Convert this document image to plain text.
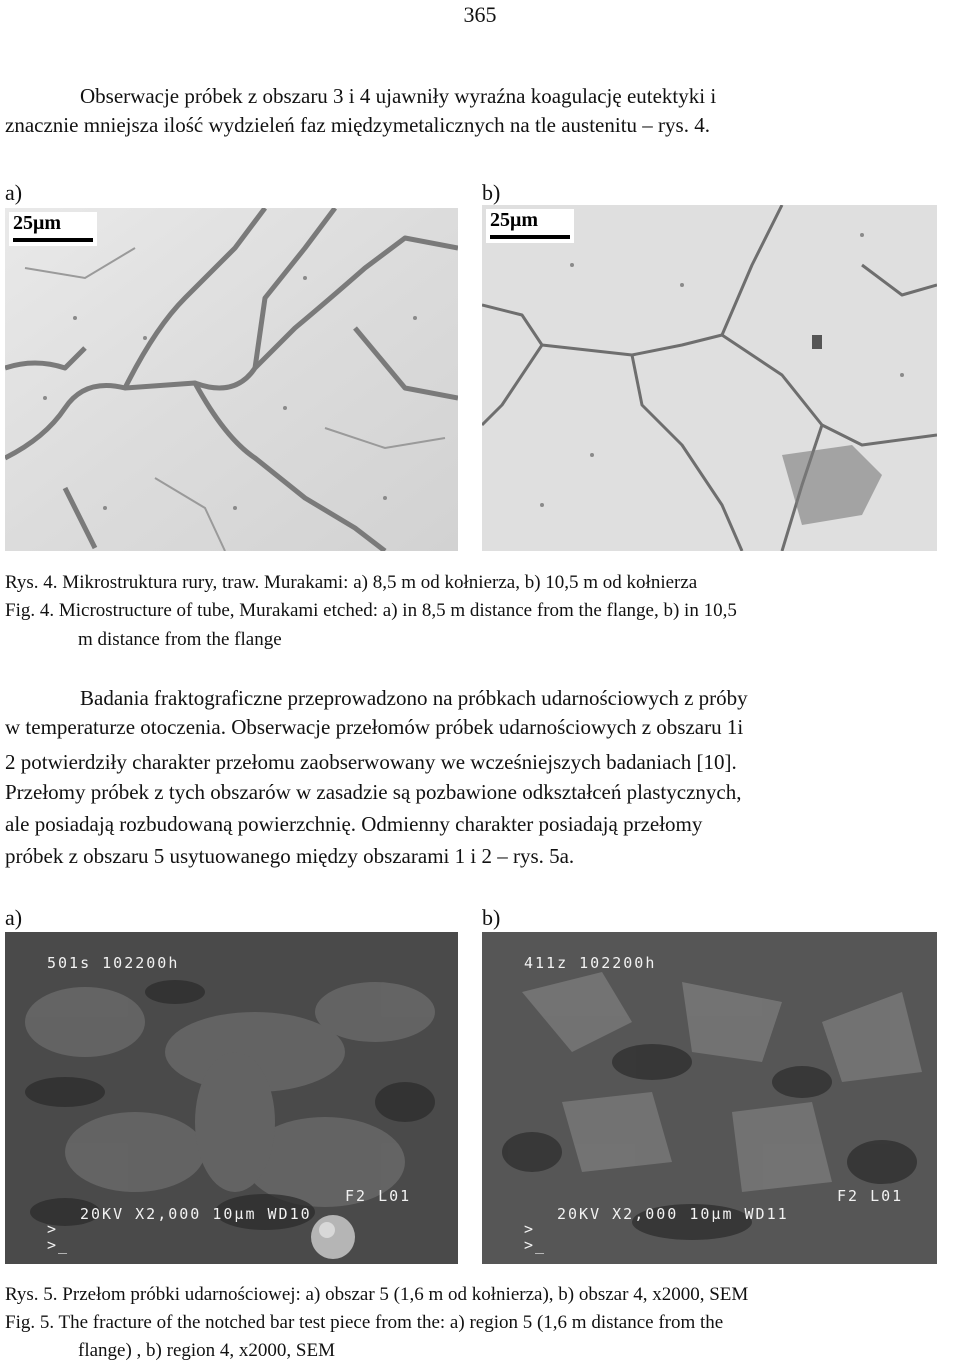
365
Obserwacje próbek z obszaru 3 i 4 ujawniły wyraźna koagulację eutektyki i
znacznie mniejsza ilość wydzieleń faz międzymetalicznych na tle austenitu – rys. 4.
a)	b)
25μm	25μm
Rys. 4. Mikrostruktura rury, traw. Murakami: a) 8,5 m od kołnierza, b) 10,5 m od kołnierza
Fig. 4. Microstructure of tube, Murakami etched: a) in 8,5 m distance from the flange, b) in 10,5
m distance from the flange
Badania fraktograficzne przeprowadzono na próbkach udarnościowych z próby
w temperaturze otoczenia. Obserwacje przełomów próbek udarnościowych z obszaru 1i
2 potwierdziły charakter przełomu zaobserwowany we wcześniejszych badaniach [10].
Przełomy próbek z tych obszarów w zasadzie są pozbawione odkształceń plastycznych,
ale posiadają rozbudowaną powierzchnię. Odmienny charakter posiadają przełomy
próbek z obszaru 5 usytuowanego między obszarami 1 i 2 – rys. 5a.
a)	b)
501s 102200h
F2 L01
20KV X2,000 10μm WD10
>
>_
411z 102200h
F2 L01
20KV X2,000 10μm WD11
>
>_
Rys. 5. Przełom próbki udarnościowej: a) obszar 5 (1,6 m od kołnierza), b) obszar 4, x2000, SEM
Fig. 5. The fracture of the notched bar test piece from the: a) region 5 (1,6 m distance from the
flange) , b) region 4, x2000, SEM
